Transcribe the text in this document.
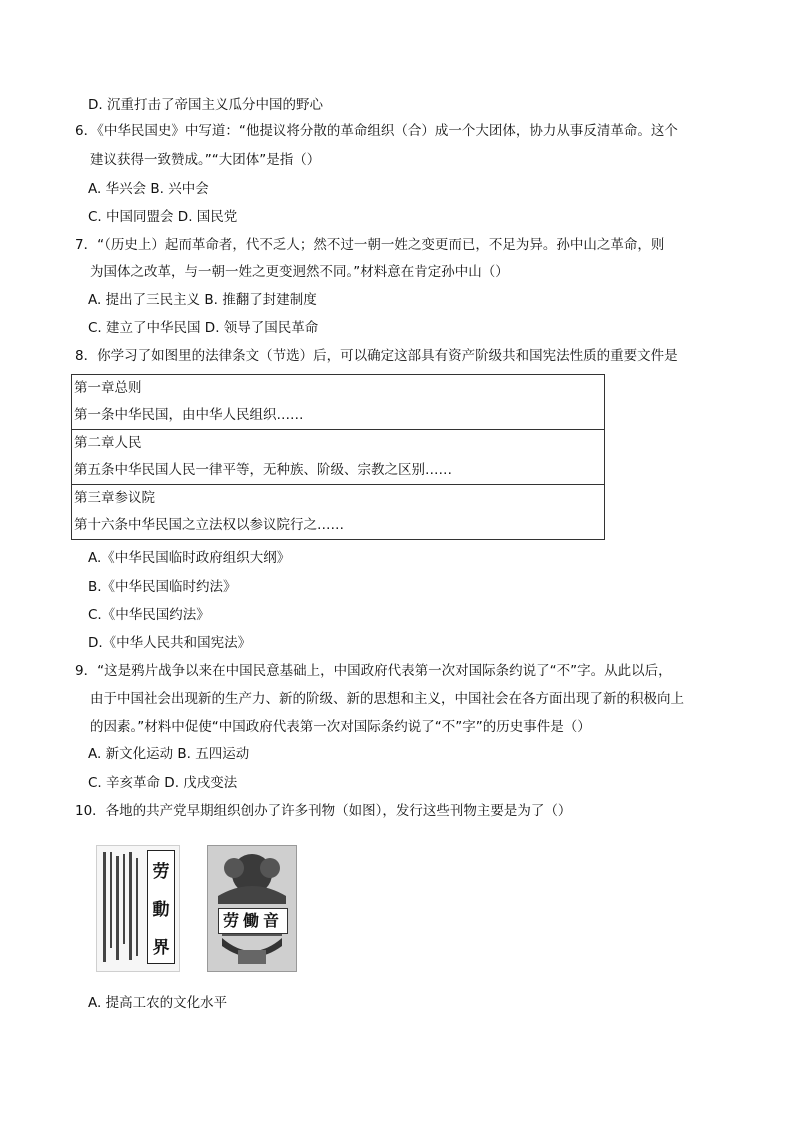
D. 沉重打击了帝国主义瓜分中国的野心
6．《中华民国史》中写道：“他提议将分散的革命组织（合）成一个大团体，协力从事反清革命。这个
建议获得一致赞成。”“大团体”是指（）
A. 华兴会 B. 兴中会
C. 中国同盟会 D. 国民党
7．“（历史上）起而革命者，代不乏人；然不过一朝一姓之变更而已，不足为异。孙中山之革命，则
为国体之改革，与一朝一姓之更变迥然不同。”材料意在肯定孙中山（）
A. 提出了三民主义 B. 推翻了封建制度
C. 建立了中华民国 D. 领导了国民革命
8．你学习了如图里的法律条文（节选）后，可以确定这部具有资产阶级共和国宪法性质的重要文件是
第一章总则
第一条中华民国，由中华人民组织……

第二章人民
第五条中华民国人民一律平等，无种族、阶级、宗教之区别……

第三章参议院
第十六条中华民国之立法权以参议院行之……
A.《中华民国临时政府组织大纲》
B.《中华民国临时约法》
C.《中华民国约法》
D.《中华人民共和国宪法》
9．“这是鸦片战争以来在中国民意基础上，中国政府代表第一次对国际条约说了“不”字。从此以后，
由于中国社会出现新的生产力、新的阶级、新的思想和主义，中国社会在各方面出现了新的积极向上
的因素。”材料中促使“中国政府代表第一次对国际条约说了“不”字”的历史事件是（）
A. 新文化运动 B. 五四运动
C. 辛亥革命 D. 戊戌变法
10．各地的共产党早期组织创办了许多刊物（如图），发行这些刊物主要是为了（）
劳
動
界
劳働音
A. 提高工农的文化水平
